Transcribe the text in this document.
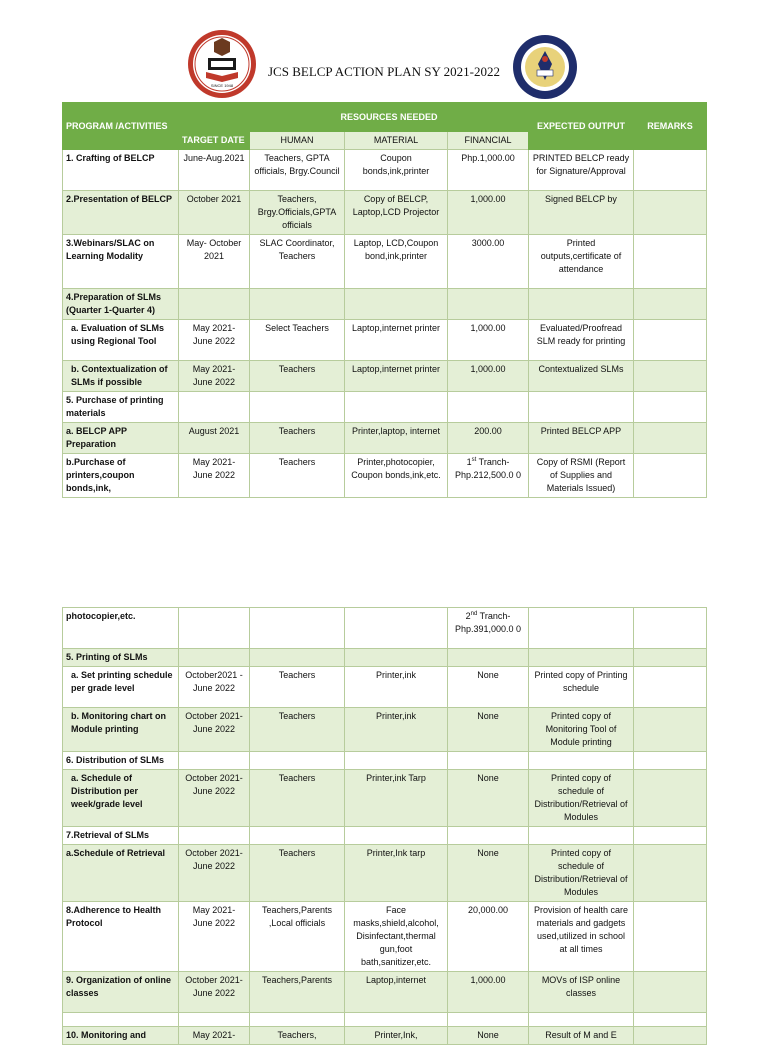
SINCE 1948
JCS BELCP ACTION PLAN SY 2021-2022
PROGRAM /ACTIVITIES	TARGET DATE	RESOURCES NEEDED			EXPECTED OUTPUT	REMARKS
		HUMAN	MATERIAL	FINANCIAL		
1. Crafting of BELCP	June-Aug.2021	Teachers, GPTA officials, Brgy.Council	Coupon bonds,ink,printer	Php.1,000.00	PRINTED BELCP ready for Signature/Approval	
2.Presentation of BELCP	October 2021	Teachers, Brgy.Officials,GPTA officials	Copy of BELCP, Laptop,LCD Projector	1,000.00	Signed BELCP by	
3.Webinars/SLAC on Learning Modality	May- October 2021	SLAC Coordinator, Teachers	Laptop, LCD,Coupon bond,ink,printer	3000.00	Printed outputs,certificate of attendance	
4.Preparation of SLMs (Quarter 1-Quarter 4)						
a. Evaluation of SLMs using Regional Tool	May 2021- June 2022	Select Teachers	Laptop,internet printer	1,000.00	Evaluated/Proofread SLM ready for printing	
b. Contextualization of SLMs if possible	May 2021- June 2022	Teachers	Laptop,internet printer	1,000.00	Contextualized SLMs	
5. Purchase of printing materials						
a. BELCP APP Preparation	August 2021	Teachers	Printer,laptop, internet	200.00	Printed BELCP APP	
b.Purchase of printers,coupon bonds,ink,	May 2021- June 2022	Teachers	Printer,photocopier, Coupon bonds,ink,etc.	1st Tranch- Php.212,500.0 0	Copy of RSMI (Report of Supplies and Materials Issued)	
photocopier,etc.				2nd Tranch- Php.391,000.0 0		
5. Printing of SLMs						
a. Set printing schedule per grade level	October2021 - June 2022	Teachers	Printer,ink	None	Printed copy of Printing schedule	
b. Monitoring chart on Module printing	October 2021-June 2022	Teachers	Printer,ink	None	Printed copy of Monitoring Tool of Module printing	
6. Distribution of SLMs						
a. Schedule of Distribution per week/grade level	October 2021- June 2022	Teachers	Printer,ink Tarp	None	Printed copy of schedule of Distribution/Retrieval of Modules	
7.Retrieval of SLMs						
a.Schedule of Retrieval	October 2021-June 2022	Teachers	Printer,Ink tarp	None	Printed copy of schedule of Distribution/Retrieval of Modules	
8.Adherence to Health Protocol	May 2021- June 2022	Teachers,Parents ,Local officials	Face masks,shield,alcohol, Disinfectant,thermal gun,foot bath,sanitizer,etc.	20,000.00	Provision of health care materials and gadgets used,utilized in school at all times	
9. Organization of online classes	October 2021-June 2022	Teachers,Parents	Laptop,internet	1,000.00	MOVs of ISP online classes	

10. Monitoring and	May 2021-	Teachers,	Printer,Ink,	None	Result of M and E	
